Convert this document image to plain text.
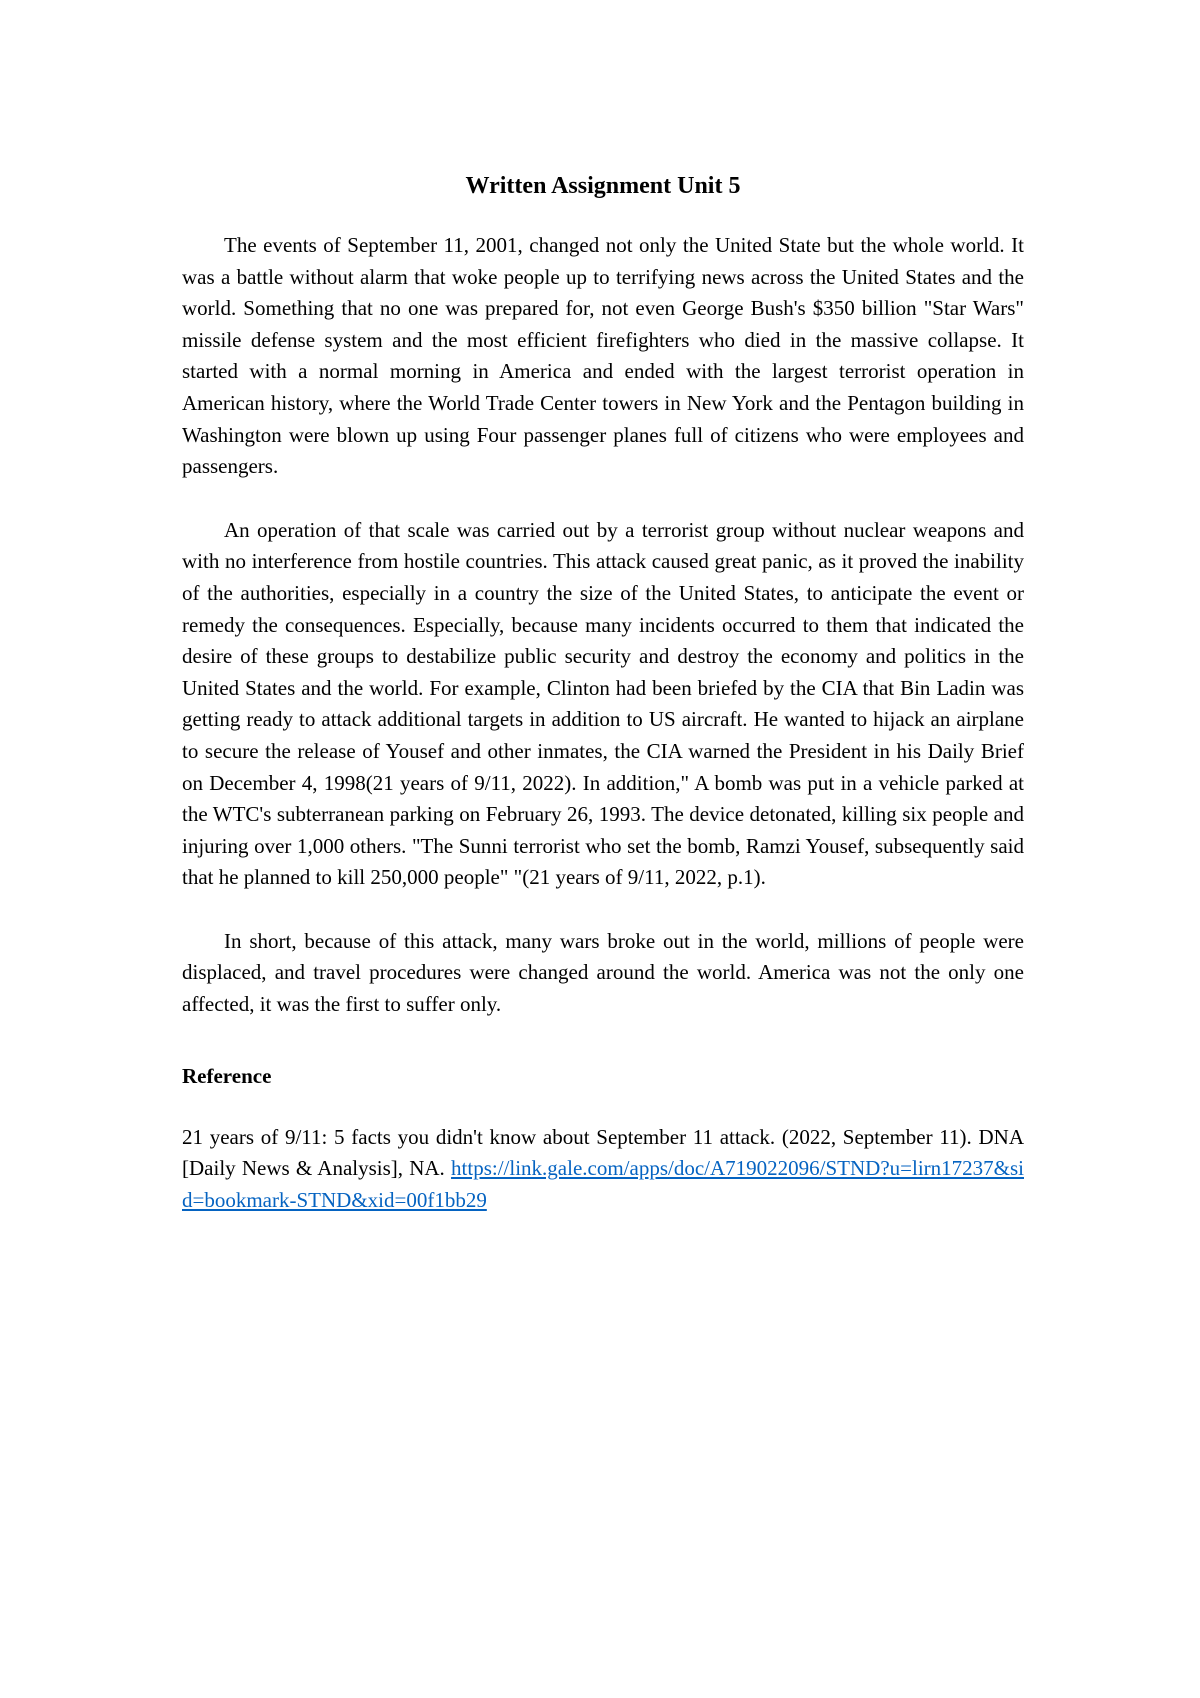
Written Assignment Unit 5

The events of September 11, 2001, changed not only the United State but the whole world. It was a battle without alarm that woke people up to terrifying news across the United States and the world. Something that no one was prepared for, not even George Bush's $350 billion "Star Wars" missile defense system and the most efficient firefighters who died in the massive collapse. It started with a normal morning in America and ended with the largest terrorist operation in American history, where the World Trade Center towers in New York and the Pentagon building in Washington were blown up using Four passenger planes full of citizens who were employees and passengers.

An operation of that scale was carried out by a terrorist group without nuclear weapons and with no interference from hostile countries. This attack caused great panic, as it proved the inability of the authorities, especially in a country the size of the United States, to anticipate the event or remedy the consequences. Especially, because many incidents occurred to them that indicated the desire of these groups to destabilize public security and destroy the economy and politics in the United States and the world. For example, Clinton had been briefed by the CIA that Bin Ladin was getting ready to attack additional targets in addition to US aircraft. He wanted to hijack an airplane to secure the release of Yousef and other inmates, the CIA warned the President in his Daily Brief on December 4, 1998(21 years of 9/11, 2022). In addition," A bomb was put in a vehicle parked at the WTC's subterranean parking on February 26, 1993. The device detonated, killing six people and injuring over 1,000 others. "The Sunni terrorist who set the bomb, Ramzi Yousef, subsequently said that he planned to kill 250,000 people" "(21 years of 9/11, 2022, p.1).

In short, because of this attack, many wars broke out in the world, millions of people were displaced, and travel procedures were changed around the world. America was not the only one affected, it was the first to suffer only.

Reference

21 years of 9/11: 5 facts you didn't know about September 11 attack. (2022, September 11). DNA [Daily News & Analysis], NA. https://link.gale.com/apps/doc/A719022096/STND?u=lirn17237&sid=bookmark-STND&xid=00f1bb29
